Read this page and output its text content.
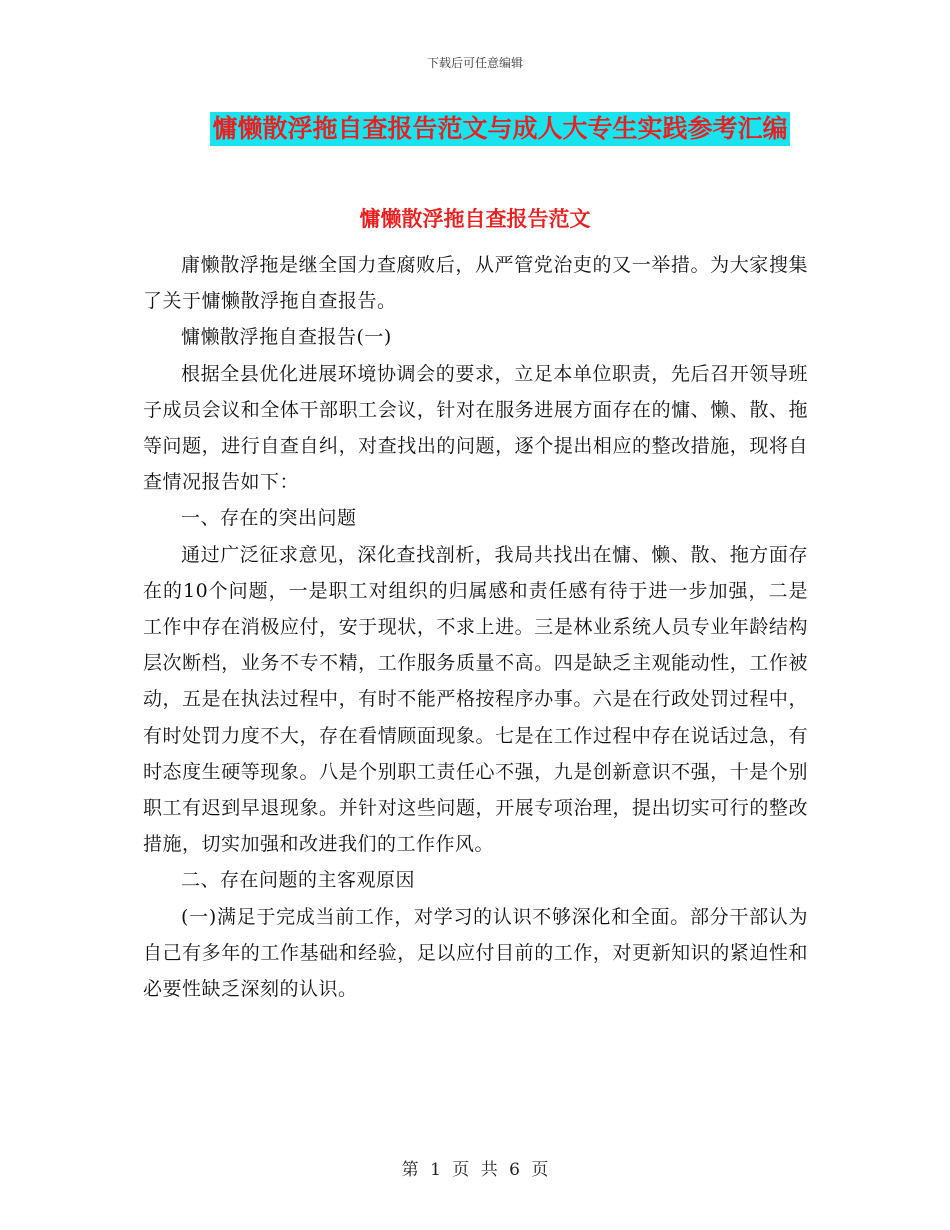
下载后可任意编辑
慵懒散浮拖自查报告范文与成人大专生实践参考汇编
慵懒散浮拖自查报告范文

庸懒散浮拖是继全国力查腐败后，从严管党治吏的又一举措。为大家搜集了关于慵懒散浮拖自查报告。

慵懒散浮拖自查报告(一)

根据全县优化进展环境协调会的要求，立足本单位职责，先后召开领导班子成员会议和全体干部职工会议，针对在服务进展方面存在的慵、懒、散、拖等问题，进行自查自纠，对查找出的问题，逐个提出相应的整改措施，现将自查情况报告如下：

一、存在的突出问题

通过广泛征求意见，深化查找剖析，我局共找出在慵、懒、散、拖方面存在的10个问题，一是职工对组织的归属感和责任感有待于进一步加强，二是工作中存在消极应付，安于现状，不求上进。三是林业系统人员专业年龄结构层次断档，业务不专不精，工作服务质量不高。四是缺乏主观能动性，工作被动，五是在执法过程中，有时不能严格按程序办事。六是在行政处罚过程中，有时处罚力度不大，存在看情顾面现象。七是在工作过程中存在说话过急，有时态度生硬等现象。八是个别职工责任心不强，九是创新意识不强，十是个别职工有迟到早退现象。并针对这些问题，开展专项治理，提出切实可行的整改措施，切实加强和改进我们的工作作风。

二、存在问题的主客观原因

(一)满足于完成当前工作，对学习的认识不够深化和全面。部分干部认为自己有多年的工作基础和经验，足以应付目前的工作，对更新知识的紧迫性和必要性缺乏深刻的认识。

第 1 页 共 6 页
